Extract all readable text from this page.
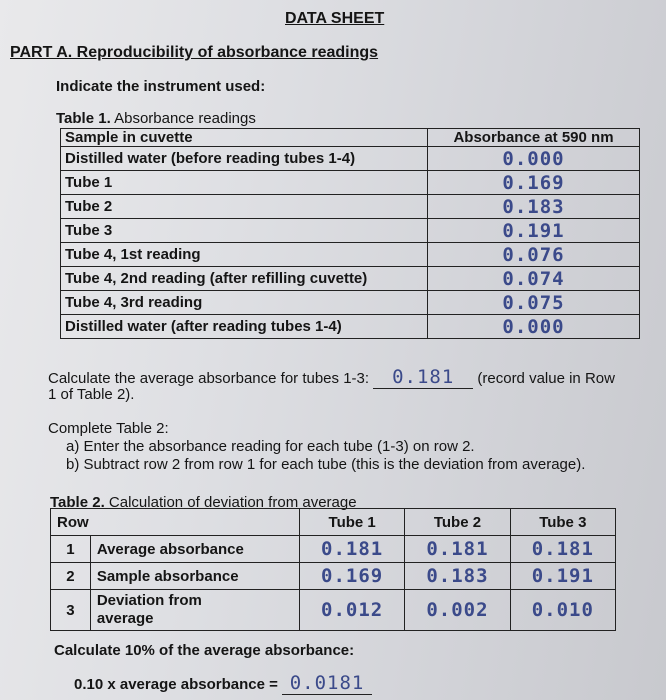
DATA SHEET
PART A. Reproducibility of absorbance readings
Indicate the instrument used:
Table 1. Absorbance readings
Sample in cuvette	Absorbance at 590 nm
Distilled water (before reading tubes 1-4)	0.000
Tube 1	0.169
Tube 2	0.183
Tube 3	0.191
Tube 4, 1st reading	0.076
Tube 4, 2nd reading (after refilling cuvette)	0.074
Tube 4, 3rd reading	0.075
Distilled water (after reading tubes 1-4)	0.000
Calculate the average absorbance for tubes 1-3: 0.181 (record value in Row
1 of Table 2).
Complete Table 2:
a) Enter the absorbance reading for each tube (1-3) on row 2.
b) Subtract row 2 from row 1 for each tube (this is the deviation from average).
Table 2. Calculation of deviation from average
Row		Tube 1	Tube 2	Tube 3
1	Average absorbance	0.181	0.181	0.181
2	Sample absorbance	0.169	0.183	0.191
3	Deviation from
average	0.012	0.002	0.010
Calculate 10% of the average absorbance:
0.10 x average absorbance = 0.0181
